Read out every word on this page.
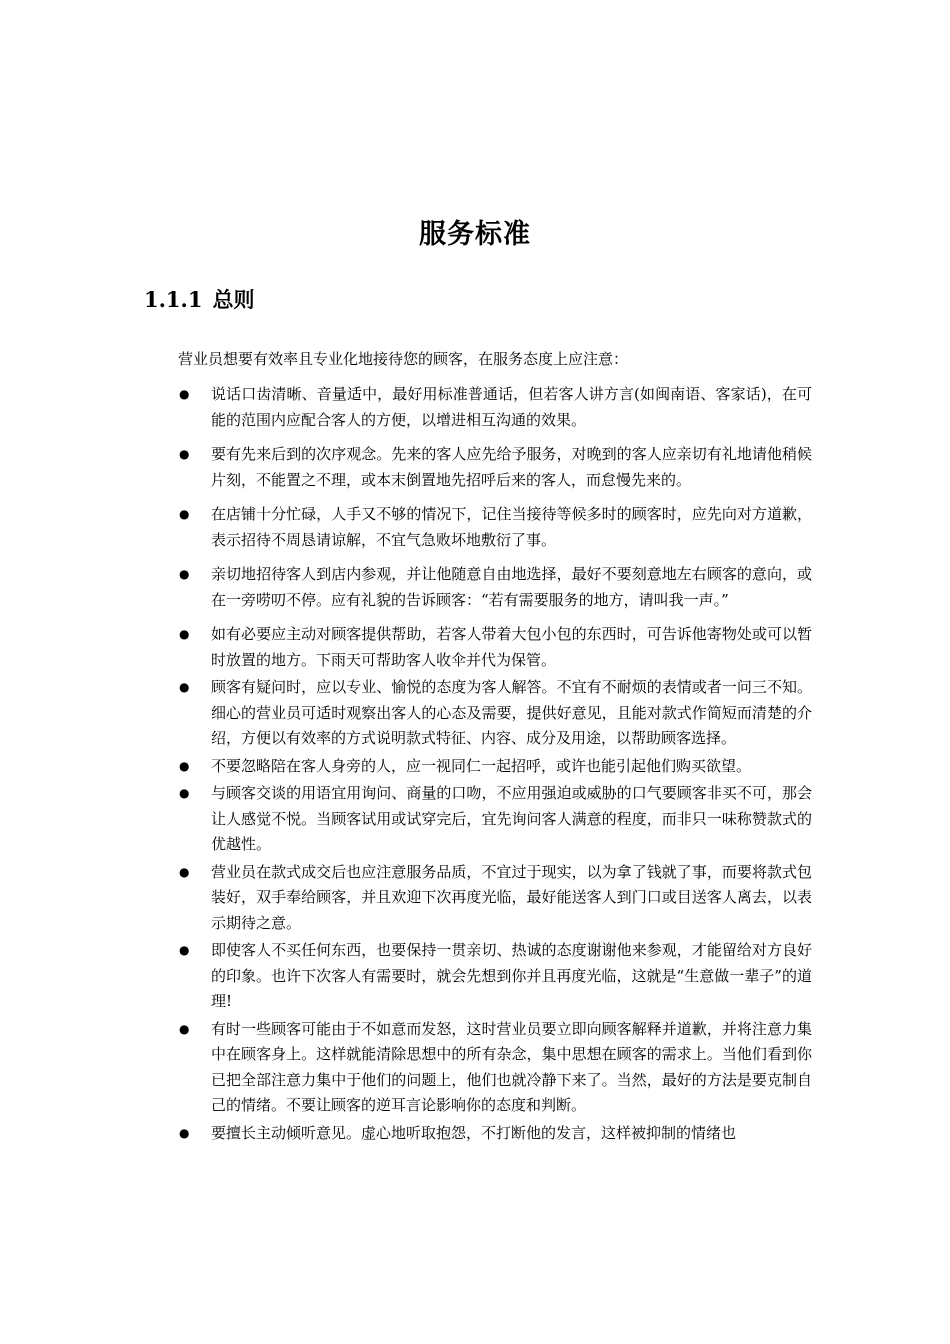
服务标准
1.1.1 总则
营业员想要有效率且专业化地接待您的顾客，在服务态度上应注意：
● 说话口齿清晰、音量适中，最好用标准普通话，但若客人讲方言(如闽南语、客家话)，在可能的范围内应配合客人的方便，以增进相互沟通的效果。
● 要有先来后到的次序观念。先来的客人应先给予服务，对晚到的客人应亲切有礼地请他稍候片刻，不能置之不理，或本末倒置地先招呼后来的客人，而怠慢先来的。
● 在店铺十分忙碌，人手又不够的情况下，记住当接待等候多时的顾客时，应先向对方道歉，表示招待不周恳请谅解，不宜气急败坏地敷衍了事。
● 亲切地招待客人到店内参观，并让他随意自由地选择，最好不要刻意地左右顾客的意向，或在一旁唠叨不停。应有礼貌的告诉顾客：“若有需要服务的地方，请叫我一声。”
● 如有必要应主动对顾客提供帮助，若客人带着大包小包的东西时，可告诉他寄物处或可以暂时放置的地方。下雨天可帮助客人收伞并代为保管。
● 顾客有疑问时，应以专业、愉悦的态度为客人解答。不宜有不耐烦的表情或者一问三不知。细心的营业员可适时观察出客人的心态及需要，提供好意见，且能对款式作简短而清楚的介绍，方便以有效率的方式说明款式特征、内容、成分及用途，以帮助顾客选择。
● 不要忽略陪在客人身旁的人，应一视同仁一起招呼，或许也能引起他们购买欲望。
● 与顾客交谈的用语宜用询问、商量的口吻，不应用强迫或威胁的口气要顾客非买不可，那会让人感觉不悦。当顾客试用或试穿完后，宜先询问客人满意的程度，而非只一味称赞款式的优越性。
● 营业员在款式成交后也应注意服务品质，不宜过于现实，以为拿了钱就了事，而要将款式包装好，双手奉给顾客，并且欢迎下次再度光临，最好能送客人到门口或目送客人离去，以表示期待之意。
● 即使客人不买任何东西，也要保持一贯亲切、热诚的态度谢谢他来参观，才能留给对方良好的印象。也许下次客人有需要时，就会先想到你并且再度光临，这就是“生意做一辈子”的道理!
● 有时一些顾客可能由于不如意而发怒，这时营业员要立即向顾客解释并道歉，并将注意力集中在顾客身上。这样就能清除思想中的所有杂念，集中思想在顾客的需求上。当他们看到你已把全部注意力集中于他们的问题上，他们也就冷静下来了。当然，最好的方法是要克制自己的情绪。不要让顾客的逆耳言论影响你的态度和判断。
● 要擅长主动倾听意见。虚心地听取抱怨，不打断他的发言，这样被抑制的情绪也
